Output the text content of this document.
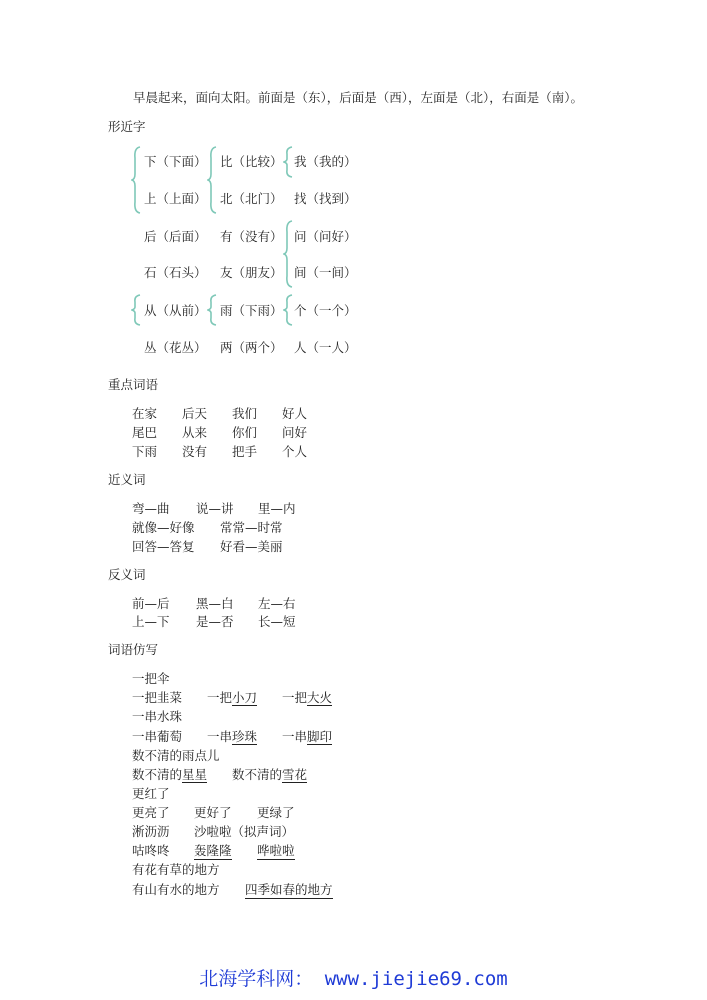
早晨起来，面向太阳。前面是（东），后面是（西），左面是（北），右面是（南）。
形近字
下（下面） 比（比较） 我（我的）
上（上面） 北（北门） 找（找到）
后（后面） 有（没有） 问（问好）
石（石头） 友（朋友） 间（一间）
从（从前） 雨（下雨） 个（一个）
丛（花丛） 两（两个） 人（一人）
重点词语
在家 后天 我们 好人
尾巴 从来 你们 问好
下雨 没有 把手 个人
近义词
弯—曲 说—讲 里—内
就像—好像 常常—时常
回答—答复 好看—美丽
反义词
前—后 黑—白 左—右
上—下 是—否 长—短
词语仿写
一把伞
一把韭菜 一把小刀 一把大火
一串水珠
一串葡萄 一串珍珠 一串脚印
数不清的雨点儿
数不清的星星 数不清的雪花
更红了
更亮了 更好了 更绿了
淅沥沥 沙啦啦（拟声词）
咕咚咚 轰隆隆 哗啦啦
有花有草的地方
有山有水的地方 四季如春的地方
北海学科网： www.jiejie69.com
